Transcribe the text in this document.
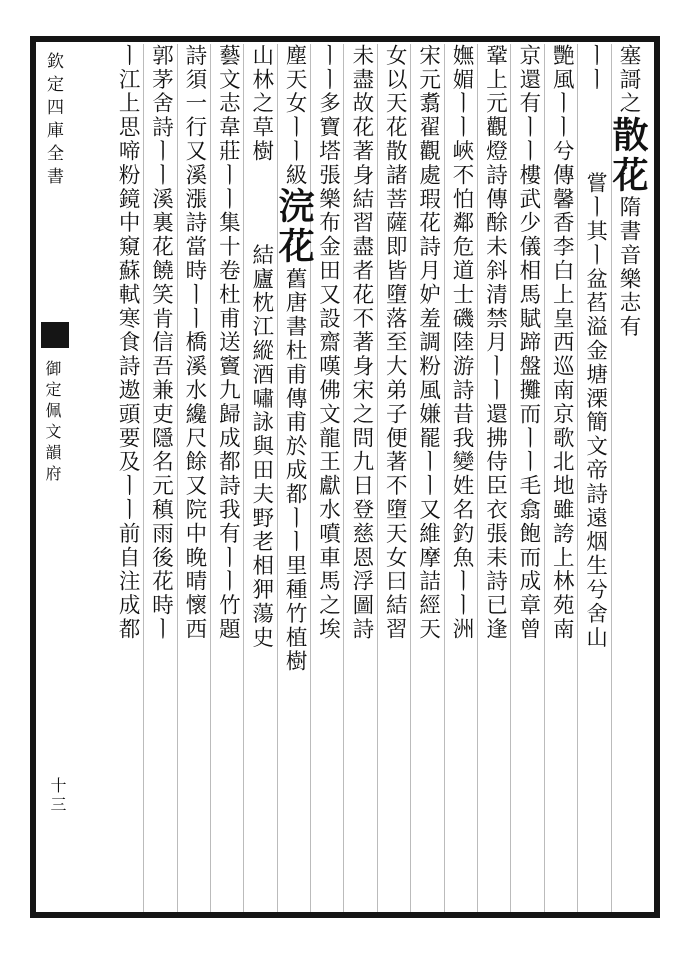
欽定四庫全書
御定佩文韻府
十三
塞謌之散花隋書音樂志有
ㅣㅣ嘗ㅣ其ㅣ盆萏溢金塘溧簡文帝詩遠烟生兮舍山
艷風ㅣㅣ兮傳馨香李白上皇西巡南京歌北地雖誇上林苑南
京還有ㅣㅣ樓武少儀相馬賦蹄盤攤而ㅣㅣ毛翕飽而成章曾
鞏上元觀燈詩傳酴未斜清禁月ㅣㅣ還拂侍臣衣張耒詩已逢
嫵媚ㅣㅣ峽不怕鄰危道士磯陸游詩昔我變姓名釣魚ㅣㅣ洲
宋元翥翟觀處瑕花詩月妒羞調粉風嫌罷ㅣㅣ又維摩詰經天
女以天花散諸菩薩即皆墮落至大弟子便著不墮天女曰結習
未盡故花著身結習盡者花不著身宋之問九日登慈恩浮圖詩
ㅣㅣ多寶塔張樂布金田又設齋嘆佛文龍王獻水噴車馬之埃
塵天女ㅣㅣ級浣花舊唐書杜甫傳甫於成都ㅣㅣ里種竹植樹
山林之草樹結廬枕江縱酒嘯詠與田夫野老相狎蕩史
藝文志韋莊ㅣㅣ集十卷杜甫送竇九歸成都詩我有ㅣㅣ竹題
詩須一行又溪漲詩當時ㅣㅣ橋溪水纔尺餘又院中晚晴懷西
郭茅舍詩ㅣㅣ溪裏花饒笑肯信吾兼吏隱名元稹雨後花時ㅣ
ㅣ江上思啼粉鏡中窺蘇軾寒食詩遨頭要及ㅣㅣ前自注成都
